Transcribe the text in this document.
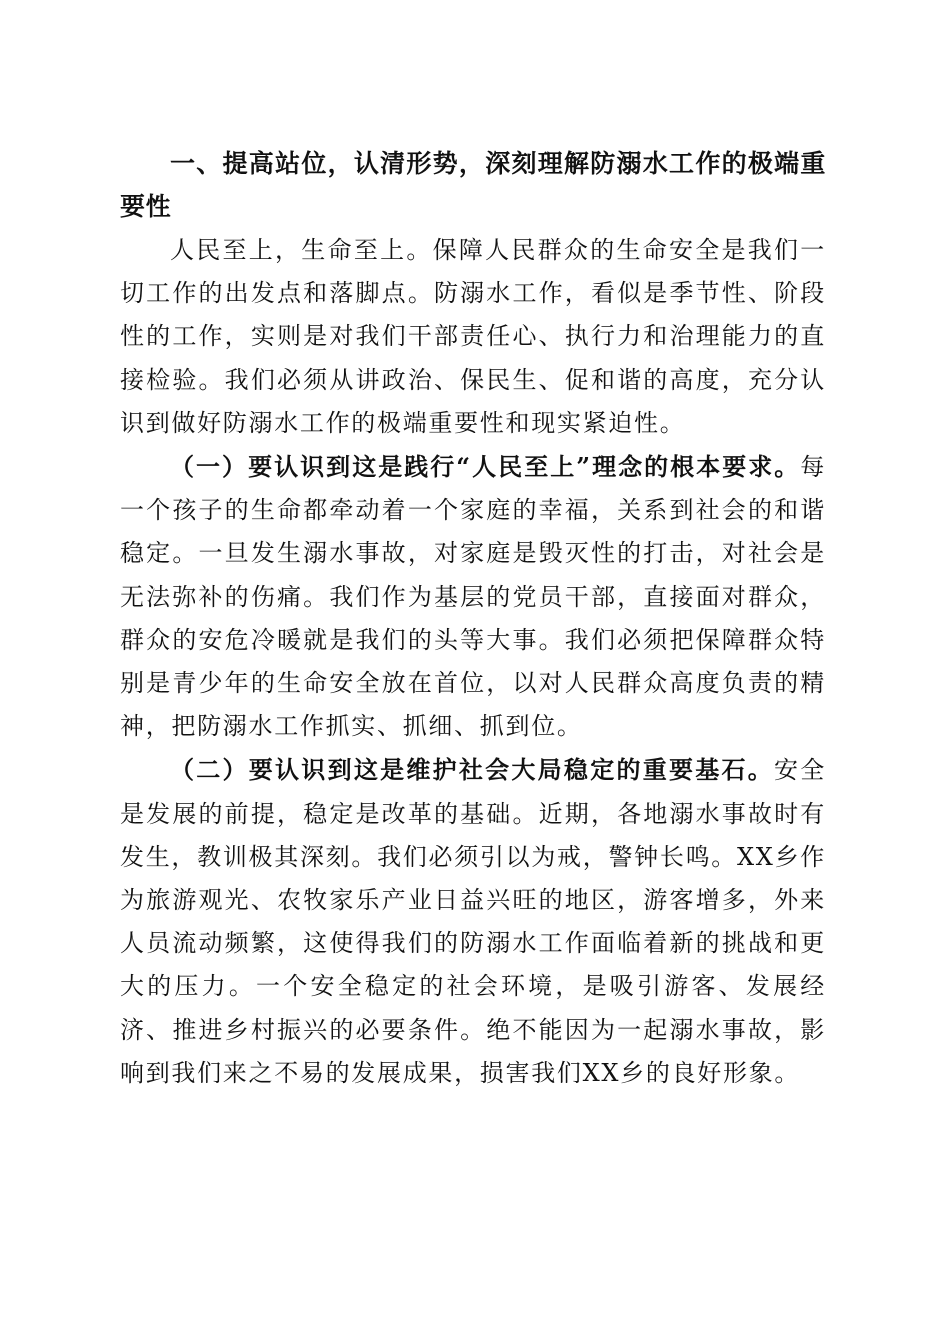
一、提高站位，认清形势，深刻理解防溺水工作的极端重要性

人民至上，生命至上。保障人民群众的生命安全是我们一切工作的出发点和落脚点。防溺水工作，看似是季节性、阶段性的工作，实则是对我们干部责任心、执行力和治理能力的直接检验。我们必须从讲政治、保民生、促和谐的高度，充分认识到做好防溺水工作的极端重要性和现实紧迫性。

（一）要认识到这是践行“人民至上”理念的根本要求。每一个孩子的生命都牵动着一个家庭的幸福，关系到社会的和谐稳定。一旦发生溺水事故，对家庭是毁灭性的打击，对社会是无法弥补的伤痛。我们作为基层的党员干部，直接面对群众，群众的安危冷暖就是我们的头等大事。我们必须把保障群众特别是青少年的生命安全放在首位，以对人民群众高度负责的精神，把防溺水工作抓实、抓细、抓到位。

（二）要认识到这是维护社会大局稳定的重要基石。安全是发展的前提，稳定是改革的基础。近期，各地溺水事故时有发生，教训极其深刻。我们必须引以为戒，警钟长鸣。XX乡作为旅游观光、农牧家乐产业日益兴旺的地区，游客增多，外来人员流动频繁，这使得我们的防溺水工作面临着新的挑战和更大的压力。一个安全稳定的社会环境，是吸引游客、发展经济、推进乡村振兴的必要条件。绝不能因为一起溺水事故，影响到我们来之不易的发展成果，损害我们XX乡的良好形象。
